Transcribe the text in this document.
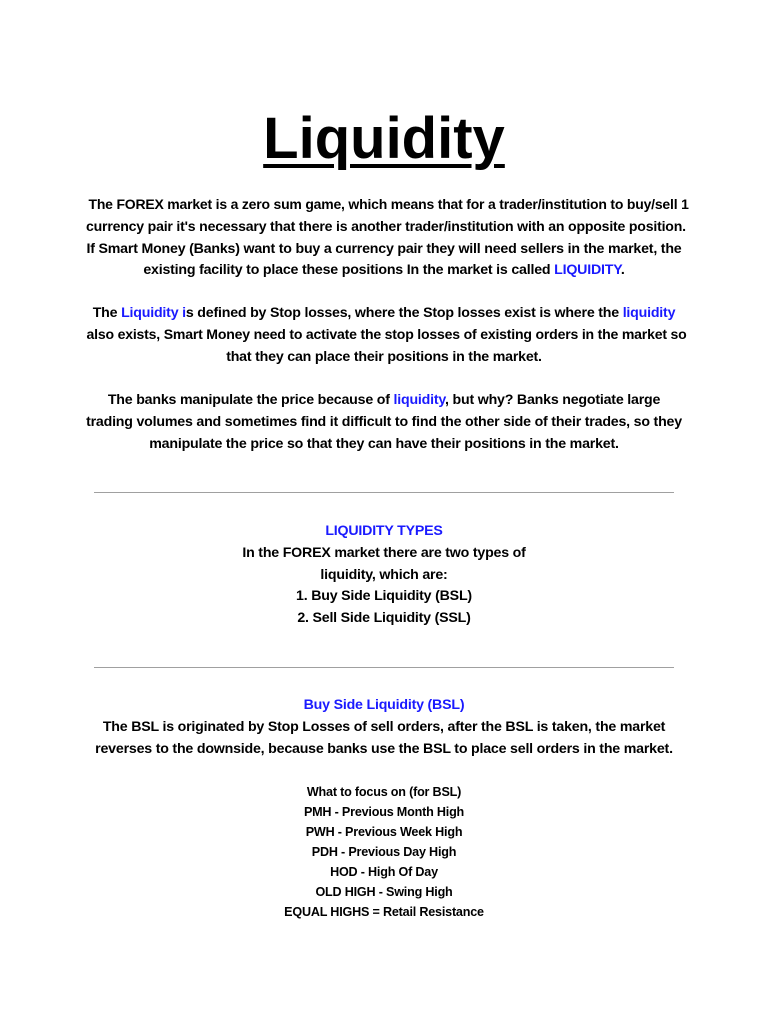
Liquidity
The FOREX market is a zero sum game, which means that for a trader/institution to buy/sell 1
currency pair it's necessary that there is another trader/institution with an opposite position.
If Smart Money (Banks) want to buy a currency pair they will need sellers in the market, the
existing facility to place these positions In the market is called LIQUIDITY.
The Liquidity is defined by Stop losses, where the Stop losses exist is where the liquidity
also exists, Smart Money need to activate the stop losses of existing orders in the market so
that they can place their positions in the market.
The banks manipulate the price because of liquidity, but why? Banks negotiate large
trading volumes and sometimes find it difficult to find the other side of their trades, so they
manipulate the price so that they can have their positions in the market.
LIQUIDITY TYPES
In the FOREX market there are two types of
liquidity, which are:
1. Buy Side Liquidity (BSL)
2. Sell Side Liquidity (SSL)
Buy Side Liquidity (BSL)
The BSL is originated by Stop Losses of sell orders, after the BSL is taken, the market
reverses to the downside, because banks use the BSL to place sell orders in the market.
What to focus on (for BSL)
PMH - Previous Month High
PWH - Previous Week High
PDH - Previous Day High
HOD - High Of Day
OLD HIGH - Swing High
EQUAL HIGHS = Retail Resistance
